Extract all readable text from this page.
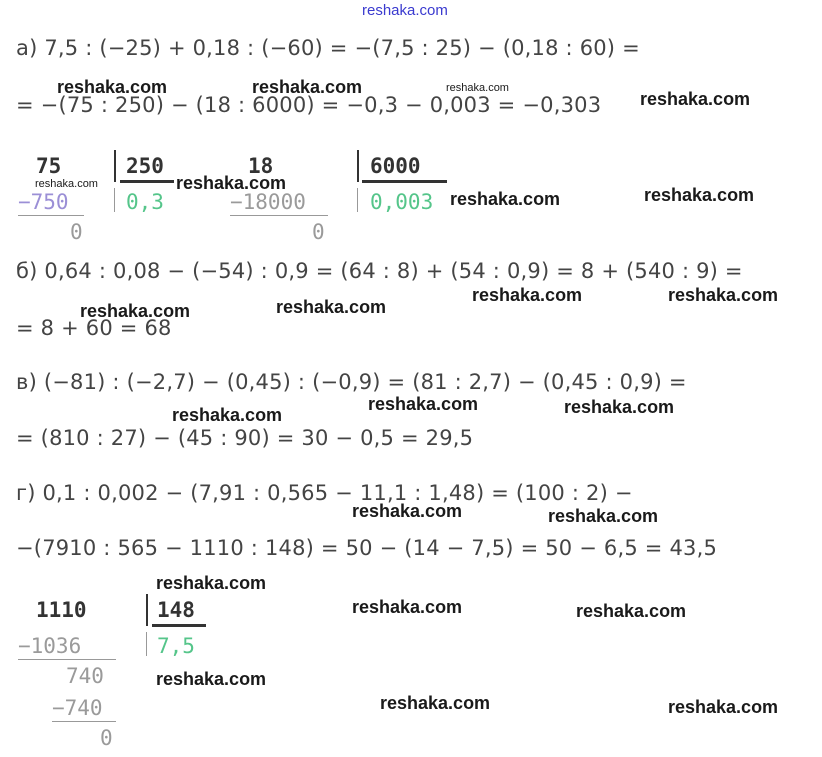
reshaka.com
а) 7,5 : (−25) + 0,18 : (−60) = −(7,5 : 25) − (0,18 : 60) =
= −(75 : 250) − (18 : 6000) = −0,3 − 0,003 = −0,303
75	250
−750	0,3
0
18	6000
−18000	0,003
0
б) 0,64 : 0,08 − (−54) : 0,9 = (64 : 8) + (54 : 0,9) = 8 + (540 : 9) =
= 8 + 60 = 68
в) (−81) : (−2,7) − (0,45) : (−0,9) = (81 : 2,7) − (0,45 : 0,9) =
= (810 : 27) − (45 : 90) = 30 − 0,5 = 29,5
г) 0,1 : 0,002 − (7,91 : 0,565 − 11,1 : 1,48) = (100 : 2) −
−(7910 : 565 − 1110 : 148) = 50 − (14 − 7,5) = 50 − 6,5 = 43,5
1110	148
−1036	7,5
740
−740
0
reshaka.com	reshaka.com	reshaka.com
reshaka.com
reshaka.com	reshaka.com
reshaka.com	reshaka.com
reshaka.com	reshaka.com
reshaka.com	reshaka.com
reshaka.com	reshaka.com
reshaka.com
reshaka.com	reshaka.com
reshaka.com
reshaka.com	reshaka.com
reshaka.com
reshaka.com	reshaka.com
